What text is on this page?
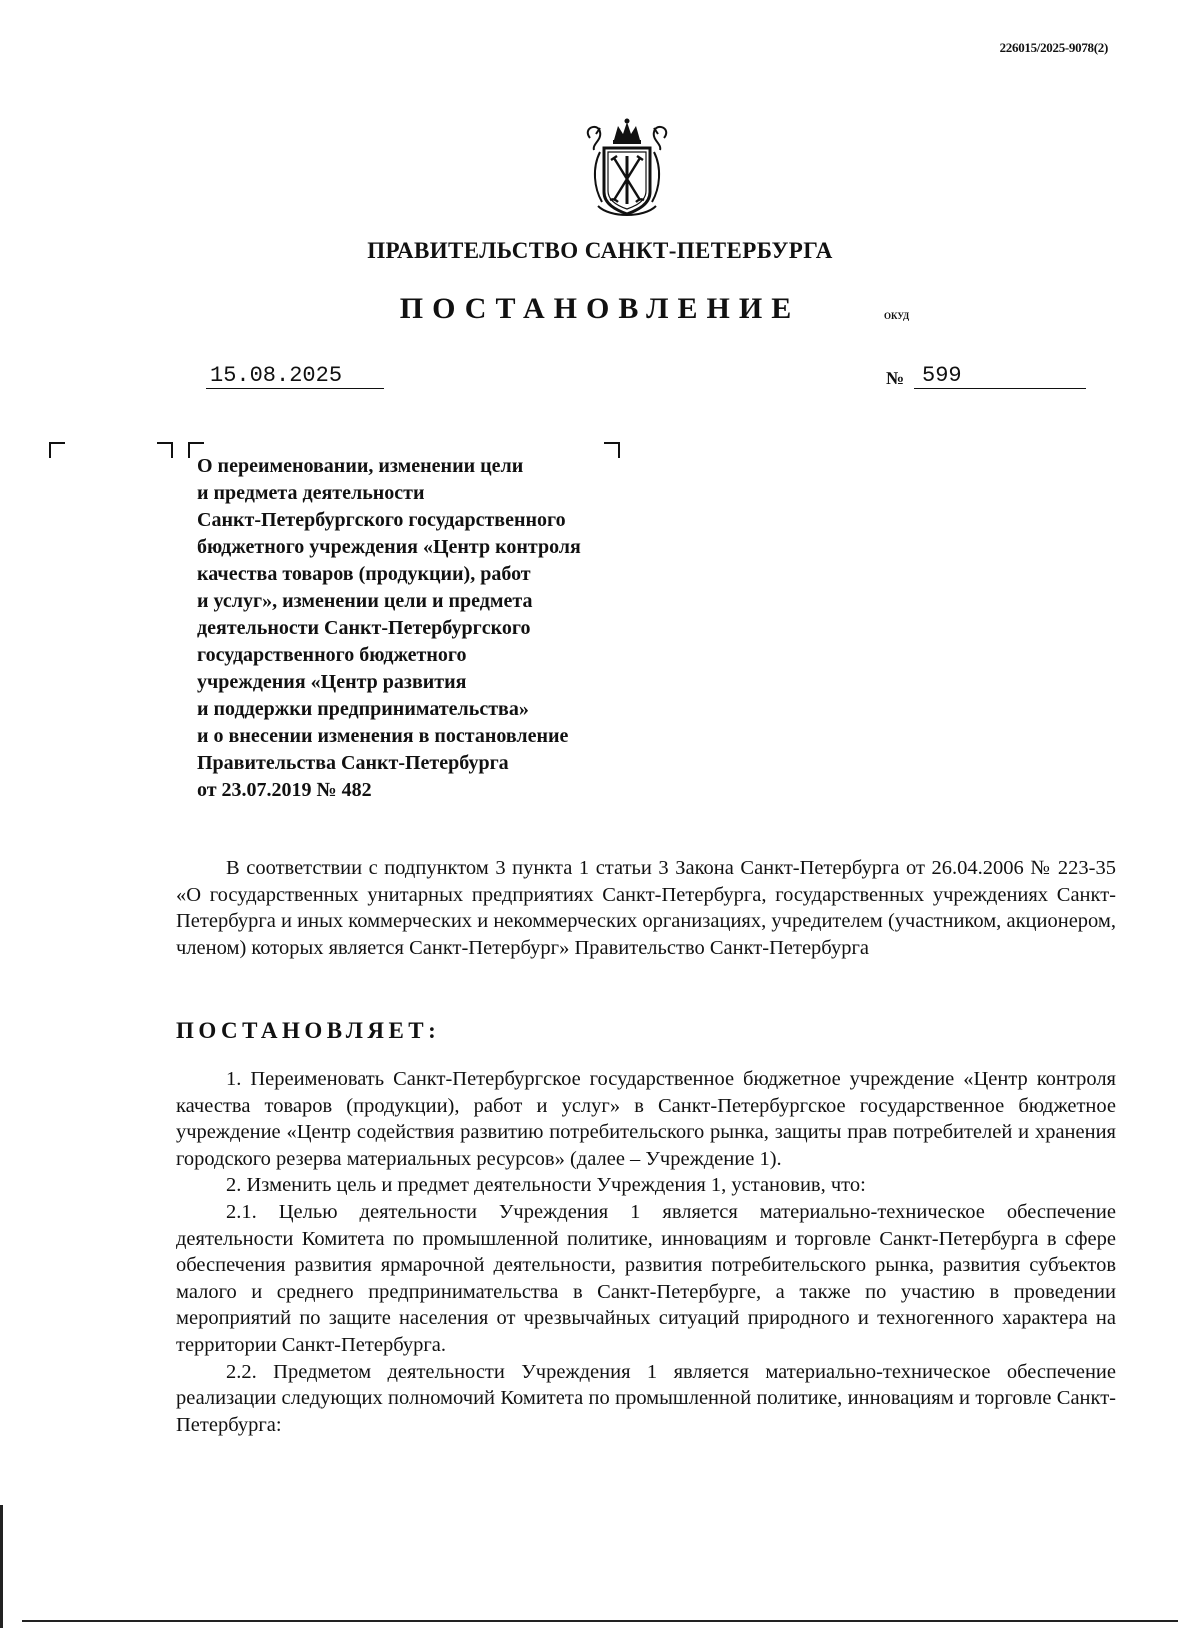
226015/2025-9078(2)
ПРАВИТЕЛЬСТВО САНКТ-ПЕТЕРБУРГА
ПОСТАНОВЛЕНИЕ	ОКУД
15.08.2025	№ 599
О переименовании, изменении цели
и предмета деятельности
Санкт-Петербургского государственного
бюджетного учреждения «Центр контроля
качества товаров (продукции), работ
и услуг», изменении цели и предмета
деятельности Санкт-Петербургского
государственного бюджетного
учреждения «Центр развития
и поддержки предпринимательства»
и о внесении изменения в постановление
Правительства Санкт-Петербурга
от 23.07.2019 № 482
В соответствии с подпунктом 3 пункта 1 статьи 3 Закона Санкт-Петербурга от 26.04.2006 № 223-35 «О государственных унитарных предприятиях Санкт-Петербурга, государственных учреждениях Санкт-Петербурга и иных коммерческих и некоммерческих организациях, учредителем (участником, акционером, членом) которых является Санкт-Петербург» Правительство Санкт-Петербурга
ПОСТАНОВЛЯЕТ:

1. Переименовать Санкт-Петербургское государственное бюджетное учреждение «Центр контроля качества товаров (продукции), работ и услуг» в Санкт-Петербургское государственное бюджетное учреждение «Центр содействия развитию потребительского рынка, защиты прав потребителей и хранения городского резерва материальных ресурсов» (далее – Учреждение 1).

2. Изменить цель и предмет деятельности Учреждения 1, установив, что:

2.1. Целью деятельности Учреждения 1 является материально-техническое обеспечение деятельности Комитета по промышленной политике, инновациям и торговле Санкт-Петербурга в сфере обеспечения развития ярмарочной деятельности, развития потребительского рынка, развития субъектов малого и среднего предпринимательства в Санкт-Петербурге, а также по участию в проведении мероприятий по защите населения от чрезвычайных ситуаций природного и техногенного характера на территории Санкт-Петербурга.

2.2. Предметом деятельности Учреждения 1 является материально-техническое обеспечение реализации следующих полномочий Комитета по промышленной политике, инновациям и торговле Санкт-Петербурга:
